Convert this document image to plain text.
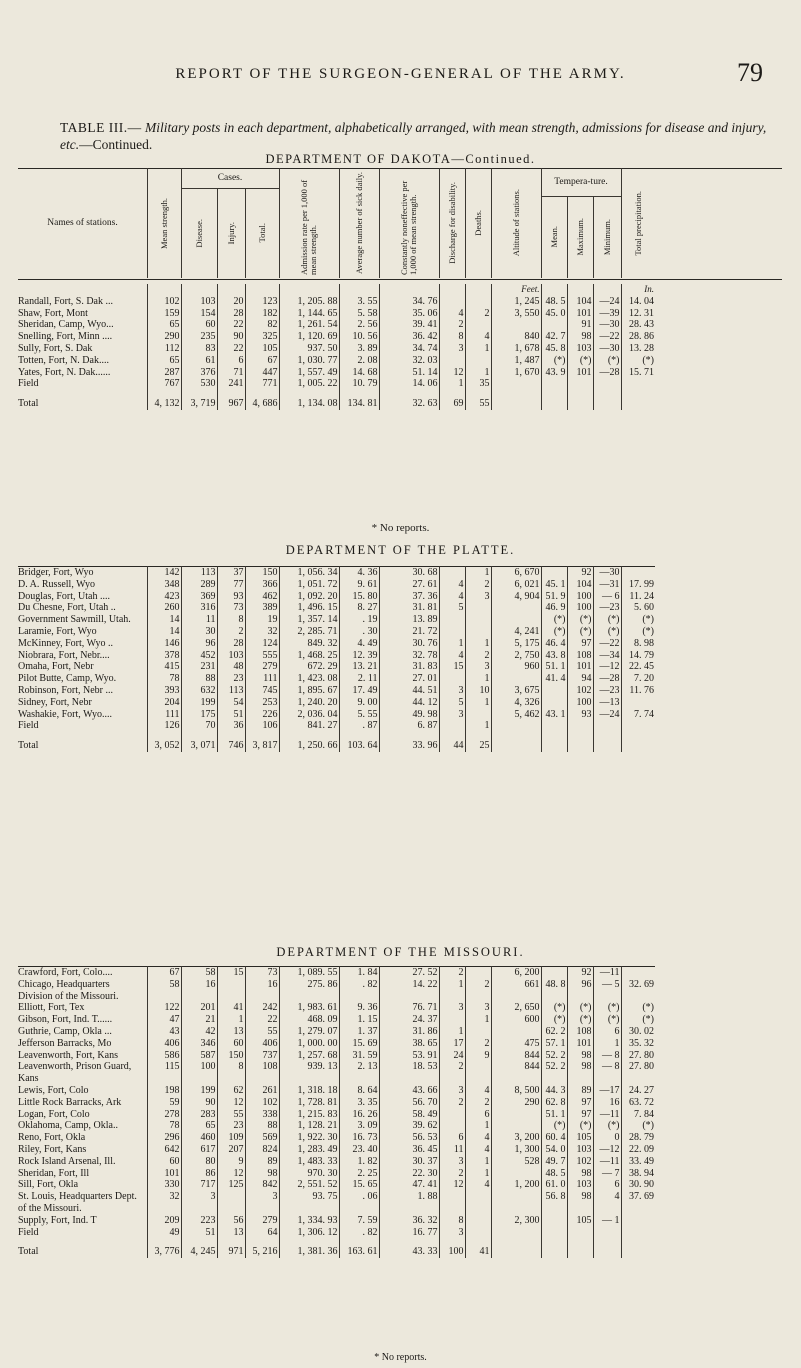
REPORT OF THE SURGEON-GENERAL OF THE ARMY.	79
TABLE III.— Military posts in each department, alphabetically arranged, with mean strength, admissions for disease and injury, etc.—Continued.
DEPARTMENT OF DAKOTA—Continued.
Names of stations.	Mean strength.
Cases.
Disease.	Injury. Total.	Admission rate per 1,000 of mean strength.	Average number of sick daily.	Constantly noneffective per 1,000 of mean strength.	Discharge for disability. Deaths.	Altitude of stations.
Tempera-ture.
Mean. Maximum. Minimum. Total precipitation.
										Feet.				In.
Randall, Fort, S. Dak ...	102	103	20	123	1, 205. 88	3. 55	34. 76			1, 245	48. 5	104	—24	14. 04
Shaw, Fort, Mont	159	154	28	182	1, 144. 65	5. 58	35. 06	4	2	3, 550	45. 0	101	—39	12. 31
Sheridan, Camp, Wyo...	65	60	22	82	1, 261. 54	2. 56	39. 41	2				91	—30	28. 43
Snelling, Fort, Minn ....	290	235	90	325	1, 120. 69	10. 56	36. 42	8	4	840	42. 7	98	—22	28. 86
Sully, Fort, S. Dak	112	83	22	105	937. 50	3. 89	34. 74	3	1	1, 678	45. 8	103	—30	13. 28
Totten, Fort, N. Dak....	65	61	6	67	1, 030. 77	2. 08	32. 03			1, 487	(*)	(*)	(*)	(*)
Yates, Fort, N. Dak......	287	376	71	447	1, 557. 49	14. 68	51. 14	12	1	1, 670	43. 9	101	—28	15. 71
Field	767	530	241	771	1, 005. 22	10. 79	14. 06	1	35					
Total	4, 132	3, 719	967	4, 686	1, 134. 08	134. 81	32. 63	69	55					
* No reports.
DEPARTMENT OF THE PLATTE.
Bridger, Fort, Wyo	142	113	37	150	1, 056. 34	4. 36	30. 68		1	6, 670		92	—30	
D. A. Russell, Wyo	348	289	77	366	1, 051. 72	9. 61	27. 61	4	2	6, 021	45. 1	104	—31	17. 99
Douglas, Fort, Utah ....	423	369	93	462	1, 092. 20	15. 80	37. 36	4	3	4, 904	51. 9	100	— 6	11. 24
Du Chesne, Fort, Utah ..	260	316	73	389	1, 496. 15	8. 27	31. 81	5			46. 9	100	—23	5. 60
Government Sawmill, Utah.	14	11	8	19	1, 357. 14	. 19	13. 89				(*)	(*)	(*)	(*)
Laramie, Fort, Wyo	14	30	2	32	2, 285. 71	. 30	21. 72			4, 241	(*)	(*)	(*)	(*)
McKinney, Fort, Wyo ..	146	96	28	124	849. 32	4. 49	30. 76	1	1	5, 175	46. 4	97	—22	8. 98
Niobrara, Fort, Nebr....	378	452	103	555	1, 468. 25	12. 39	32. 78	4	2	2, 750	43. 8	108	—34	14. 79
Omaha, Fort, Nebr	415	231	48	279	672. 29	13. 21	31. 83	15	3	960	51. 1	101	—12	22. 45
Pilot Butte, Camp, Wyo.	78	88	23	111	1, 423. 08	2. 11	27. 01		1		41. 4	94	—28	7. 20
Robinson, Fort, Nebr ...	393	632	113	745	1, 895. 67	17. 49	44. 51	3	10	3, 675		102	—23	11. 76
Sidney, Fort, Nebr	204	199	54	253	1, 240. 20	9. 00	44. 12	5	1	4, 326		100	—13	
Washakie, Fort, Wyo....	111	175	51	226	2, 036. 04	5. 55	49. 98	3		5, 462	43. 1	93	—24	7. 74
Field	126	70	36	106	841. 27	. 87	6. 87		1					
Total	3, 052	3, 071	746	3, 817	1, 250. 66	103. 64	33. 96	44	25					
DEPARTMENT OF THE MISSOURI.
Crawford, Fort, Colo....	67	58	15	73	1, 089. 55	1. 84	27. 52	2		6, 200		92	—11	
Chicago, Headquarters Division of the Missouri.	58	16		16	275. 86	. 82	14. 22	1	2	661	48. 8	96	— 5	32. 69
Elliott, Fort, Tex	122	201	41	242	1, 983. 61	9. 36	76. 71	3	3	2, 650	(*)	(*)	(*)	(*)
Gibson, Fort, Ind. T......	47	21	1	22	468. 09	1. 15	24. 37		1	600	(*)	(*)	(*)	(*)
Guthrie, Camp, Okla ...	43	42	13	55	1, 279. 07	1. 37	31. 86	1			62. 2	108	6	30. 02
Jefferson Barracks, Mo	406	346	60	406	1, 000. 00	15. 69	38. 65	17	2	475	57. 1	101	1	35. 32
Leavenworth, Fort, Kans	586	587	150	737	1, 257. 68	31. 59	53. 91	24	9	844	52. 2	98	— 8	27. 80
Leavenworth, Prison Guard, Kans	115	100	8	108	939. 13	2. 13	18. 53	2		844	52. 2	98	— 8	27. 80
Lewis, Fort, Colo	198	199	62	261	1, 318. 18	8. 64	43. 66	3	4	8, 500	44. 3	89	—17	24. 27
Little Rock Barracks, Ark	59	90	12	102	1, 728. 81	3. 35	56. 70	2	2	290	62. 8	97	16	63. 72
Logan, Fort, Colo	278	283	55	338	1, 215. 83	16. 26	58. 49		6		51. 1	97	—11	7. 84
Oklahoma, Camp, Okla..	78	65	23	88	1, 128. 21	3. 09	39. 62		1		(*)	(*)	(*)	(*)
Reno, Fort, Okla	296	460	109	569	1, 922. 30	16. 73	56. 53	6	4	3, 200	60. 4	105	0	28. 79
Riley, Fort, Kans	642	617	207	824	1, 283. 49	23. 40	36. 45	11	4	1, 300	54. 0	103	—12	22. 09
Rock Island Arsenal, Ill.	60	80	9	89	1, 483. 33	1. 82	30. 37	3	1	528	49. 7	102	—11	33. 49
Sheridan, Fort, Ill	101	86	12	98	970. 30	2. 25	22. 30	2	1		48. 5	98	— 7	38. 94
Sill, Fort, Okla	330	717	125	842	2, 551. 52	15. 65	47. 41	12	4	1, 200	61. 0	103	6	30. 90
St. Louis, Headquarters Dept. of the Missouri.	32	3		3	93. 75	. 06	1. 88				56. 8	98	4	37. 69
Supply, Fort, Ind. T	209	223	56	279	1, 334. 93	7. 59	36. 32	8		2, 300		105	— 1	
Field	49	51	13	64	1, 306. 12	. 82	16. 77	3						
Total	3, 776	4, 245	971	5, 216	1, 381. 36	163. 61	43. 33	100	41					
* No reports.
